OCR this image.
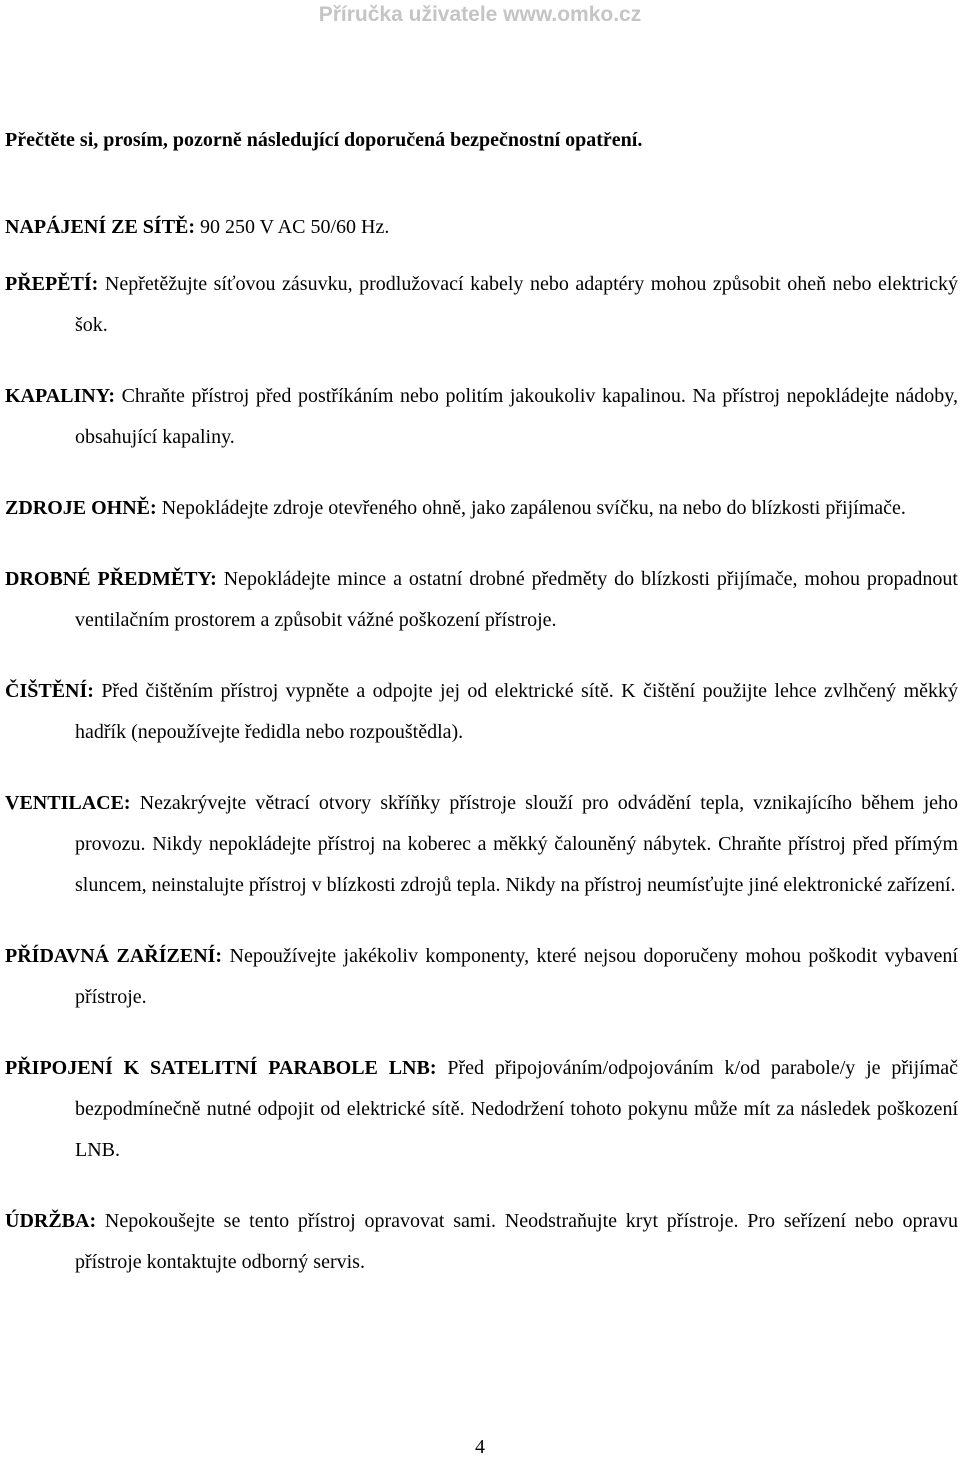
Příručka uživatele www.omko.cz

Přečtěte si, prosím, pozorně následující doporučená bezpečnostní opatření.

NAPÁJENÍ ZE SÍTĚ: 90 250 V AC 50/60 Hz.

PŘEPĚTÍ: Nepřetěžujte síťovou zásuvku, prodlužovací kabely nebo adaptéry mohou způsobit oheň nebo elektrický šok.

KAPALINY: Chraňte přístroj před postříkáním nebo politím jakoukoliv kapalinou. Na přístroj nepokládejte nádoby, obsahující kapaliny.

ZDROJE OHNĚ: Nepokládejte zdroje otevřeného ohně, jako zapálenou svíčku, na nebo do blízkosti přijímače.

DROBNÉ PŘEDMĚTY: Nepokládejte mince a ostatní drobné předměty do blízkosti přijímače, mohou propadnout ventilačním prostorem a způsobit vážné poškození přístroje.

ČIŠTĚNÍ: Před čištěním přístroj vypněte a odpojte jej od elektrické sítě. K čištění použijte lehce zvlhčený měkký hadřík (nepoužívejte ředidla nebo rozpouštědla).

VENTILACE: Nezakrývejte větrací otvory skříňky přístroje slouží pro odvádění tepla, vznikajícího během jeho provozu. Nikdy nepokládejte přístroj na koberec a měkký čalouněný nábytek. Chraňte přístroj před přímým sluncem, neinstalujte přístroj v blízkosti zdrojů tepla. Nikdy na přístroj neumísťujte jiné elektronické zařízení.

PŘÍDAVNÁ ZAŘÍZENÍ: Nepoužívejte jakékoliv komponenty, které nejsou doporučeny mohou poškodit vybavení přístroje.

PŘIPOJENÍ K SATELITNÍ PARABOLE LNB: Před připojováním/odpojováním k/od parabole/y je přijímač bezpodmínečně nutné odpojit od elektrické sítě. Nedodržení tohoto pokynu může mít za následek poškození LNB.

ÚDRŽBA: Nepokoušejte se tento přístroj opravovat sami. Neodstraňujte kryt přístroje. Pro seřízení nebo opravu přístroje kontaktujte odborný servis.

4
